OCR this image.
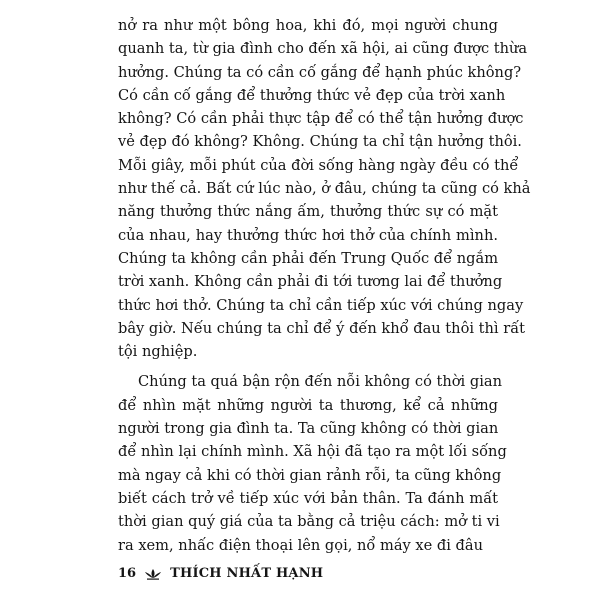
nở ra như một bông hoa, khi đó, mọi người chung
quanh ta, từ gia đình cho đến xã hội, ai cũng được thừa
hưởng. Chúng ta có cần cố gắng để hạnh phúc không?
Có cần cố gắng để thưởng thức vẻ đẹp của trời xanh
không? Có cần phải thực tập để có thể tận hưởng được
vẻ đẹp đó không? Không. Chúng ta chỉ tận hưởng thôi.
Mỗi giây, mỗi phút của đời sống hàng ngày đều có thể
như thế cả. Bất cứ lúc nào, ở đâu, chúng ta cũng có khả
năng thưởng thức nắng ấm, thưởng thức sự có mặt
của nhau, hay thưởng thức hơi thở của chính mình.
Chúng ta không cần phải đến Trung Quốc để ngắm
trời xanh. Không cần phải đi tới tương lai để thưởng
thức hơi thở. Chúng ta chỉ cần tiếp xúc với chúng ngay
bây giờ. Nếu chúng ta chỉ để ý đến khổ đau thôi thì rất
tội nghiệp.
Chúng ta quá bận rộn đến nỗi không có thời gian
để nhìn mặt những người ta thương, kể cả những
người trong gia đình ta. Ta cũng không có thời gian
để nhìn lại chính mình. Xã hội đã tạo ra một lối sống
mà ngay cả khi có thời gian rảnh rỗi, ta cũng không
biết cách trở về tiếp xúc với bản thân. Ta đánh mất
thời gian quý giá của ta bằng cả triệu cách: mở ti vi
ra xem, nhấc điện thoại lên gọi, nổ máy xe đi đâu
16	THÍCH NHẤT HẠNH
